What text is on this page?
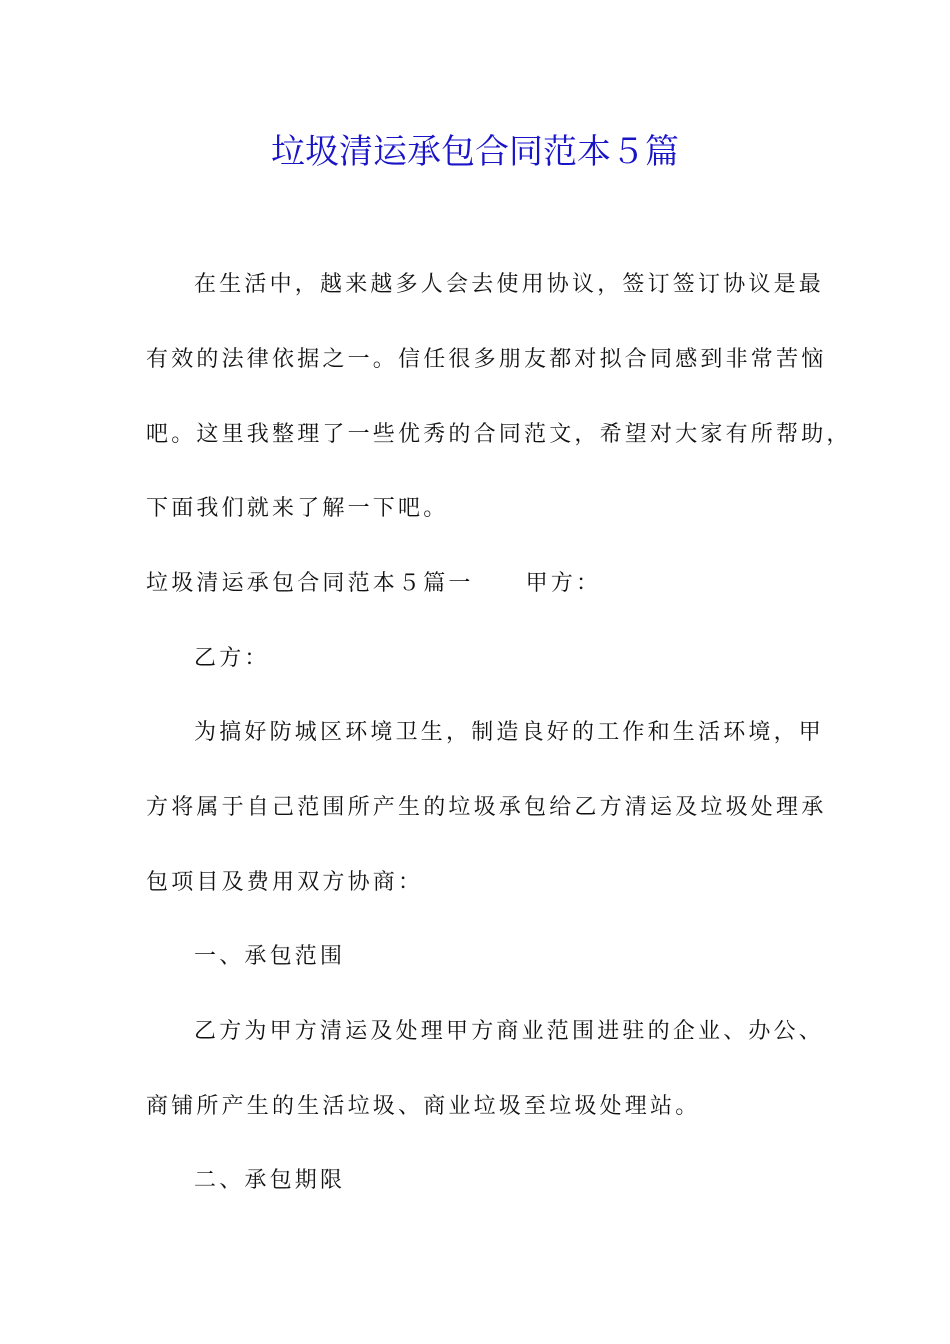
垃圾清运承包合同范本５篇
在生活中，越来越多人会去使用协议，签订签订协议是最
有效的法律依据之一。信任很多朋友都对拟合同感到非常苦恼
吧。这里我整理了一些优秀的合同范文，希望对大家有所帮助，
下面我们就来了解一下吧。
垃圾清运承包合同范本５篇一 甲方：
乙方：
为搞好防城区环境卫生，制造良好的工作和生活环境，甲
方将属于自己范围所产生的垃圾承包给乙方清运及垃圾处理承
包项目及费用双方协商：
一、承包范围
乙方为甲方清运及处理甲方商业范围进驻的企业、办公、
商铺所产生的生活垃圾、商业垃圾至垃圾处理站。
二、承包期限
